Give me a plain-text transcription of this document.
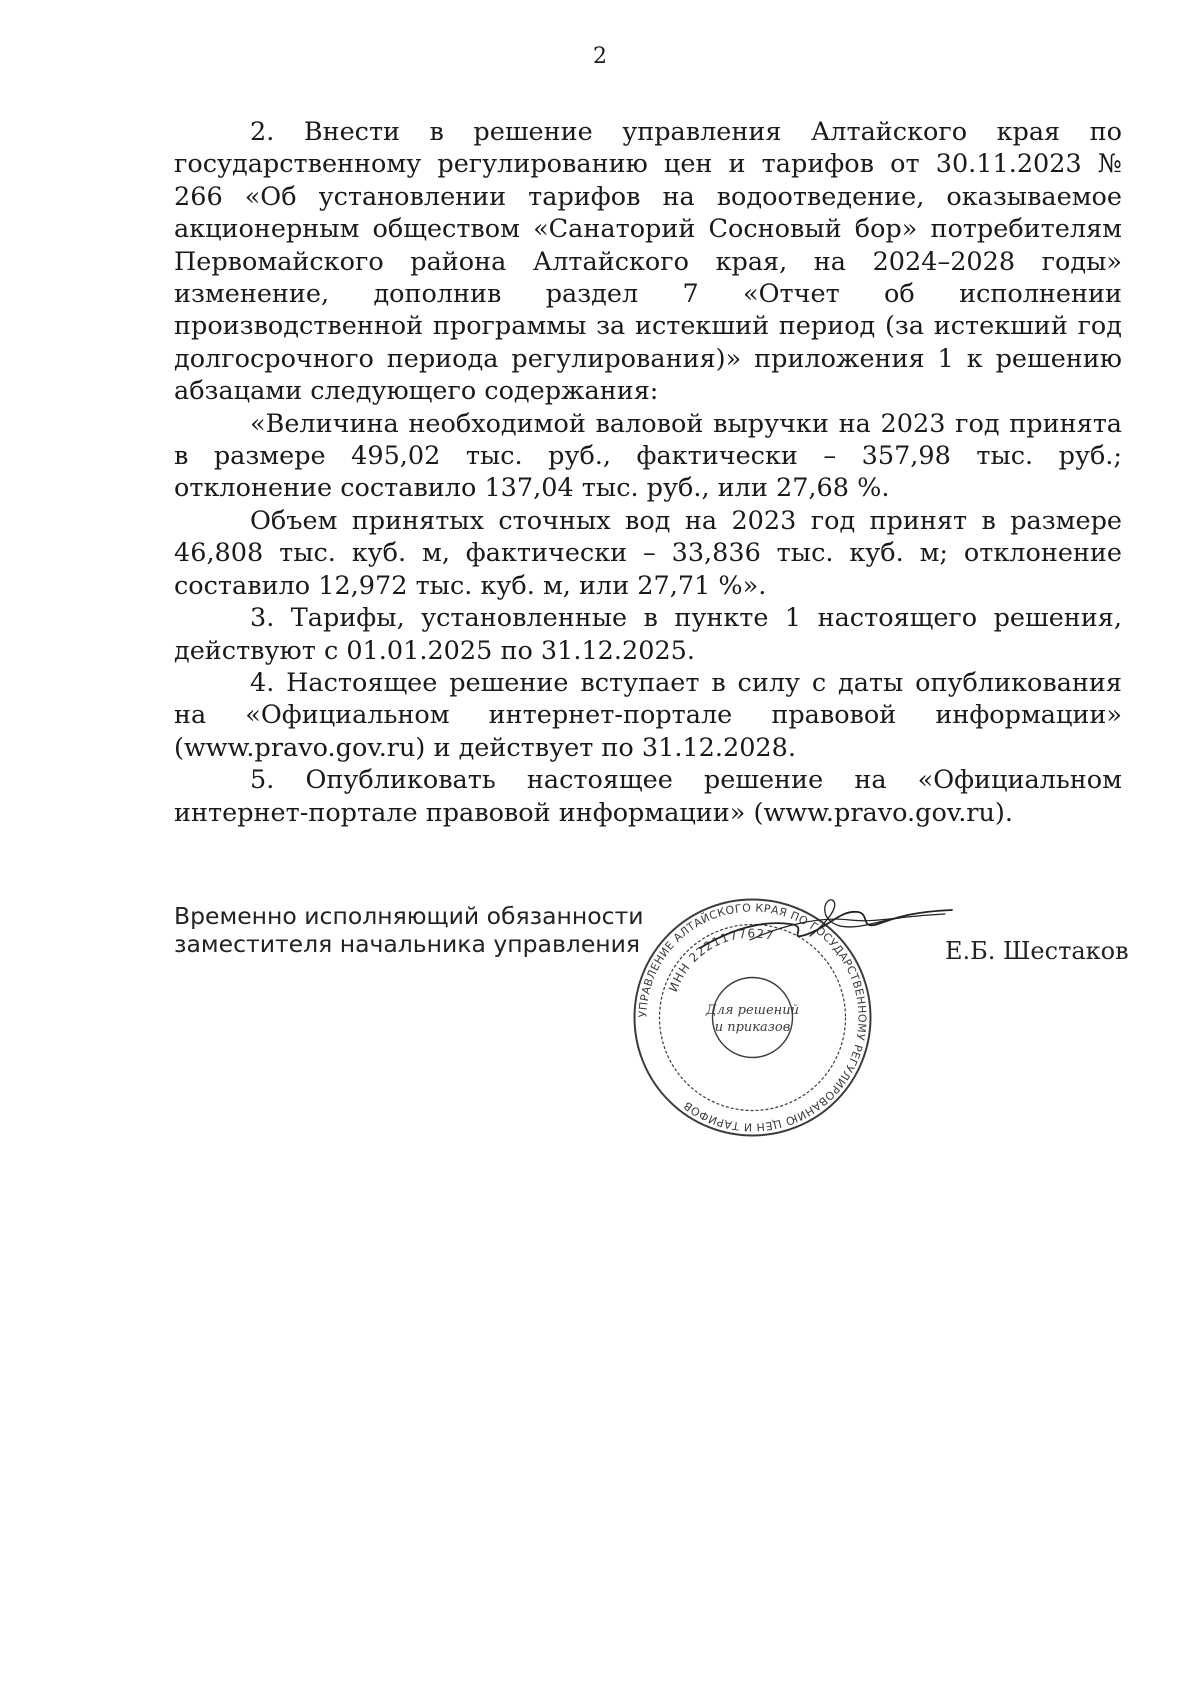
2

2. Внести в решение управления Алтайского края по государственному регулированию цен и тарифов от 30.11.2023 № 266 «Об установлении тарифов на водоотведение, оказываемое акционерным обществом «Санаторий Сосновый бор» потребителям Первомайского района Алтайского края, на 2024–2028 годы» изменение, дополнив раздел 7 «Отчет об исполнении производственной программы за истекший период (за истекший год долгосрочного периода регулирования)» приложения 1 к решению абзацами следующего содержания:

«Величина необходимой валовой выручки на 2023 год принята в размере 495,02 тыс. руб., фактически – 357,98 тыс. руб.; отклонение составило 137,04 тыс. руб., или 27,68 %.

Объем принятых сточных вод на 2023 год принят в размере 46,808 тыс. куб. м, фактически – 33,836 тыс. куб. м; отклонение составило 12,972 тыс. куб. м, или 27,71 %».

3. Тарифы, установленные в пункте 1 настоящего решения, действуют с 01.01.2025 по 31.12.2025.

4. Настоящее решение вступает в силу с даты опубликования на «Официальном интернет-портале правовой информации» (www.pravo.gov.ru) и действует по 31.12.2028.

5. Опубликовать настоящее решение на «Официальном интернет-портале правовой информации» (www.pravo.gov.ru).

Временно исполняющий обязанности
заместителя начальника управления
УПРАВЛЕНИЕ АЛТАЙСКОГО КРАЯ ПО ГОСУДАРСТВЕННОМУ РЕГУЛИРОВАНИЮ ЦЕН И ТАРИФОВ
ИНН 2221177627
Для решений
и приказов
Е.Б. Шестаков
